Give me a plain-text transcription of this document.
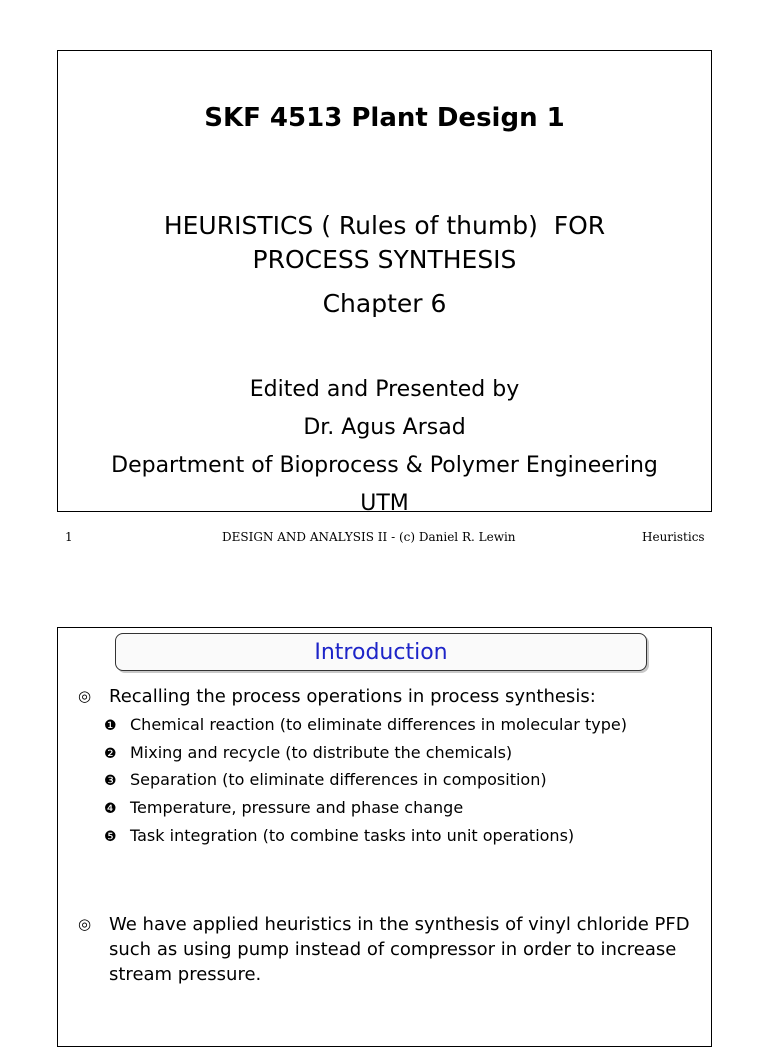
SKF 4513 Plant Design 1
HEURISTICS ( Rules of thumb)  FOR
PROCESS SYNTHESIS
Chapter 6
Edited and Presented by
Dr. Agus Arsad
Department of Bioprocess & Polymer Engineering
UTM
1	DESIGN AND ANALYSIS II - (c) Daniel R. Lewin	Heuristics
Introduction
◎ Recalling the process operations in process synthesis:
❶ Chemical reaction (to eliminate differences in molecular type)
❷ Mixing and recycle (to distribute the chemicals)
❸ Separation (to eliminate differences in composition)
❹ Temperature, pressure and phase change
❺ Task integration (to combine tasks into unit operations)
◎ We have applied heuristics in the synthesis of vinyl chloride PFD such as using pump instead of compressor in order to increase stream pressure.
